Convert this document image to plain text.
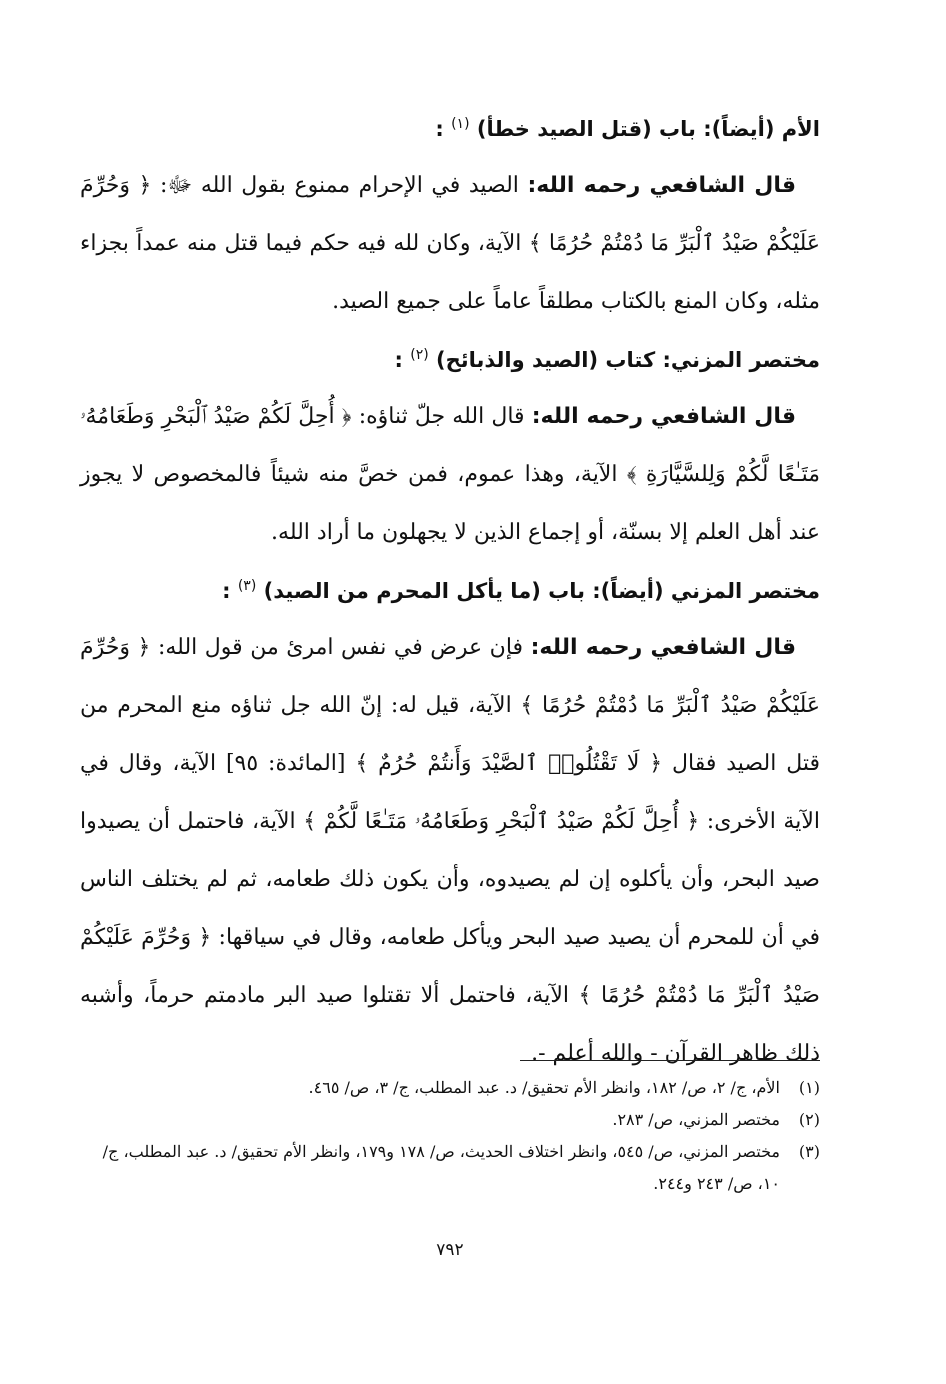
الأم (أيضاً): باب (قتل الصيد خطأ) $^{(١)}$ :

قال الشافعي رحمه الله: الصيد في الإحرام ممنوع بقول الله ﷻ: ﴿ وَحُرِّمَ عَلَيْكُمْ صَيْدُ ٱلْبَرِّ مَا دُمْتُمْ حُرُمًا ﴾ الآية، وكان لله فيه حكم فيما قتل منه عمداً بجزاء مثله، وكان المنع بالكتاب مطلقاً عاماً على جميع الصيد.

مختصر المزني: كتاب (الصيد والذبائح) $^{(٢)}$ :

قال الشافعي رحمه الله: قال الله جلّ ثناؤه: ﴿ أُحِلَّ لَكُمْ صَيْدُ ٱلْبَحْرِ وَطَعَامُهُۥ مَتَـٰعًا لَّكُمْ وَلِلسَّيَّارَةِ ﴾ الآية، وهذا عموم، فمن خصَّ منه شيئاً فالمخصوص لا يجوز عند أهل العلم إلا بسنّة، أو إجماع الذين لا يجهلون ما أراد الله.

مختصر المزني (أيضاً): باب (ما يأكل المحرم من الصيد) $^{(٣)}$ :

قال الشافعي رحمه الله: فإن عرض في نفس امرئ من قول الله: ﴿ وَحُرِّمَ عَلَيْكُمْ صَيْدُ ٱلْبَرِّ مَا دُمْتُمْ حُرُمًا ﴾ الآية، قيل له: إنّ الله جل ثناؤه منع المحرم من قتل الصيد فقال ﴿ لَا تَقْتُلُوا۟ ٱلصَّيْدَ وَأَنتُمْ حُرُمٌ ﴾ [المائدة: ٩٥] الآية، وقال في الآية الأخرى: ﴿ أُحِلَّ لَكُمْ صَيْدُ ٱلْبَحْرِ وَطَعَامُهُۥ مَتَـٰعًا لَّكُمْ ﴾ الآية، فاحتمل أن يصيدوا صيد البحر، وأن يأكلوه إن لم يصيدوه، وأن يكون ذلك طعامه، ثم لم يختلف الناس في أن للمحرم أن يصيد صيد البحر ويأكل طعامه، وقال في سياقها: ﴿ وَحُرِّمَ عَلَيْكُمْ صَيْدُ ٱلْبَرِّ مَا دُمْتُمْ حُرُمًا ﴾ الآية، فاحتمل ألا تقتلوا صيد البر مادمتم حرماً، وأشبه ذلك ظاهر القرآن - والله أعلم -.

(١)
الأم، ج/ ٢، ص/ ١٨٢، وانظر الأم تحقيق/ د. عبد المطلب، ج/ ٣، ص/ ٤٦٥.
(٢)
مختصر المزني، ص/ ٢٨٣.
(٣)
مختصر المزني، ص/ ٥٤٥، وانظر اختلاف الحديث، ص/ ١٧٨ و١٧٩، وانظر الأم تحقيق/ د. عبد المطلب، ج/ ١٠، ص/ ٢٤٣ و٢٤٤.
٧٩٢
